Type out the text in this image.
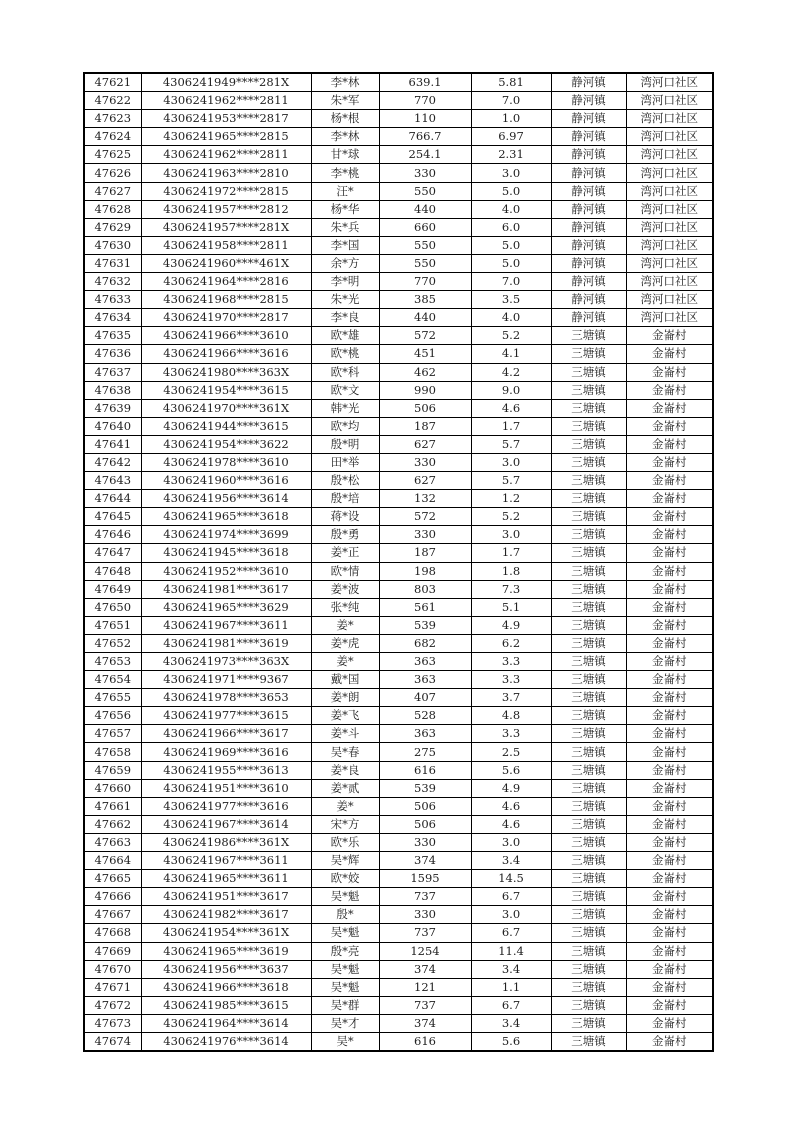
47621	4306241949****281X	李*林	639.1	5.81	静河镇	湾河口社区
47622	4306241962****2811	朱*军	770	7.0	静河镇	湾河口社区
47623	4306241953****2817	杨*根	110	1.0	静河镇	湾河口社区
47624	4306241965****2815	李*林	766.7	6.97	静河镇	湾河口社区
47625	4306241962****2811	甘*球	254.1	2.31	静河镇	湾河口社区
47626	4306241963****2810	李*桃	330	3.0	静河镇	湾河口社区
47627	4306241972****2815	汪*	550	5.0	静河镇	湾河口社区
47628	4306241957****2812	杨*华	440	4.0	静河镇	湾河口社区
47629	4306241957****281X	朱*兵	660	6.0	静河镇	湾河口社区
47630	4306241958****2811	李*国	550	5.0	静河镇	湾河口社区
47631	4306241960****461X	余*方	550	5.0	静河镇	湾河口社区
47632	4306241964****2816	李*明	770	7.0	静河镇	湾河口社区
47633	4306241968****2815	朱*光	385	3.5	静河镇	湾河口社区
47634	4306241970****2817	李*良	440	4.0	静河镇	湾河口社区
47635	4306241966****3610	欧*雄	572	5.2	三塘镇	金崙村
47636	4306241966****3616	欧*桃	451	4.1	三塘镇	金崙村
47637	4306241980****363X	欧*科	462	4.2	三塘镇	金崙村
47638	4306241954****3615	欧*文	990	9.0	三塘镇	金崙村
47639	4306241970****361X	韩*光	506	4.6	三塘镇	金崙村
47640	4306241944****3615	欧*均	187	1.7	三塘镇	金崙村
47641	4306241954****3622	殷*明	627	5.7	三塘镇	金崙村
47642	4306241978****3610	田*举	330	3.0	三塘镇	金崙村
47643	4306241960****3616	殷*松	627	5.7	三塘镇	金崙村
47644	4306241956****3614	殷*培	132	1.2	三塘镇	金崙村
47645	4306241965****3618	蒋*设	572	5.2	三塘镇	金崙村
47646	4306241974****3699	殷*勇	330	3.0	三塘镇	金崙村
47647	4306241945****3618	姜*正	187	1.7	三塘镇	金崙村
47648	4306241952****3610	欧*情	198	1.8	三塘镇	金崙村
47649	4306241981****3617	姜*波	803	7.3	三塘镇	金崙村
47650	4306241965****3629	张*纯	561	5.1	三塘镇	金崙村
47651	4306241967****3611	姜*	539	4.9	三塘镇	金崙村
47652	4306241981****3619	姜*虎	682	6.2	三塘镇	金崙村
47653	4306241973****363X	姜*	363	3.3	三塘镇	金崙村
47654	4306241971****9367	戴*国	363	3.3	三塘镇	金崙村
47655	4306241978****3653	姜*朗	407	3.7	三塘镇	金崙村
47656	4306241977****3615	姜*飞	528	4.8	三塘镇	金崙村
47657	4306241966****3617	姜*斗	363	3.3	三塘镇	金崙村
47658	4306241969****3616	吴*春	275	2.5	三塘镇	金崙村
47659	4306241955****3613	姜*良	616	5.6	三塘镇	金崙村
47660	4306241951****3610	姜*贰	539	4.9	三塘镇	金崙村
47661	4306241977****3616	姜*	506	4.6	三塘镇	金崙村
47662	4306241967****3614	宋*方	506	4.6	三塘镇	金崙村
47663	4306241986****361X	欧*乐	330	3.0	三塘镇	金崙村
47664	4306241967****3611	吴*辉	374	3.4	三塘镇	金崙村
47665	4306241965****3611	欧*姣	1595	14.5	三塘镇	金崙村
47666	4306241951****3617	吴*魁	737	6.7	三塘镇	金崙村
47667	4306241982****3617	殷*	330	3.0	三塘镇	金崙村
47668	4306241954****361X	吴*魁	737	6.7	三塘镇	金崙村
47669	4306241965****3619	殷*亮	1254	11.4	三塘镇	金崙村
47670	4306241956****3637	吴*魁	374	3.4	三塘镇	金崙村
47671	4306241966****3618	吴*魁	121	1.1	三塘镇	金崙村
47672	4306241985****3615	吴*群	737	6.7	三塘镇	金崙村
47673	4306241964****3614	吴*才	374	3.4	三塘镇	金崙村
47674	4306241976****3614	吴*	616	5.6	三塘镇	金崙村
